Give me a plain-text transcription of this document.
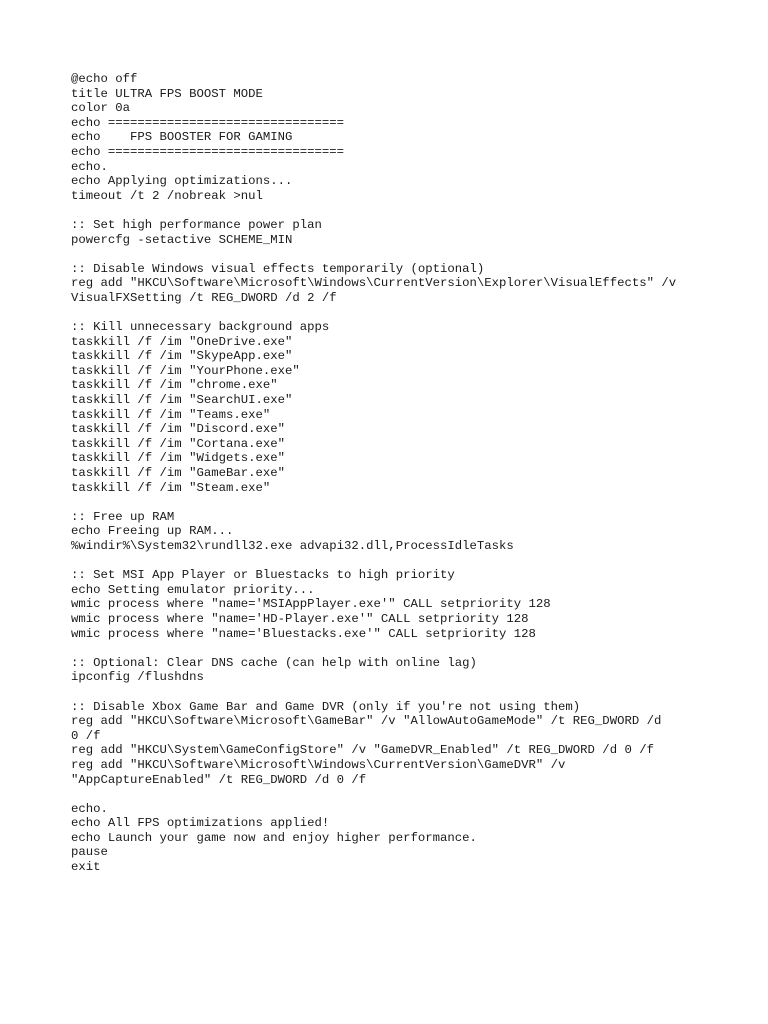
@echo off
title ULTRA FPS BOOST MODE
color 0a
echo ================================
echo    FPS BOOSTER FOR GAMING
echo ================================
echo.
echo Applying optimizations...
timeout /t 2 /nobreak >nul
:: Set high performance power plan
powercfg -setactive SCHEME_MIN
:: Disable Windows visual effects temporarily (optional)
reg add "HKCU\Software\Microsoft\Windows\CurrentVersion\Explorer\VisualEffects" /v
VisualFXSetting /t REG_DWORD /d 2 /f
:: Kill unnecessary background apps
taskkill /f /im "OneDrive.exe"
taskkill /f /im "SkypeApp.exe"
taskkill /f /im "YourPhone.exe"
taskkill /f /im "chrome.exe"
taskkill /f /im "SearchUI.exe"
taskkill /f /im "Teams.exe"
taskkill /f /im "Discord.exe"
taskkill /f /im "Cortana.exe"
taskkill /f /im "Widgets.exe"
taskkill /f /im "GameBar.exe"
taskkill /f /im "Steam.exe"
:: Free up RAM
echo Freeing up RAM...
%windir%\System32\rundll32.exe advapi32.dll,ProcessIdleTasks
:: Set MSI App Player or Bluestacks to high priority
echo Setting emulator priority...
wmic process where "name='MSIAppPlayer.exe'" CALL setpriority 128
wmic process where "name='HD-Player.exe'" CALL setpriority 128
wmic process where "name='Bluestacks.exe'" CALL setpriority 128
:: Optional: Clear DNS cache (can help with online lag)
ipconfig /flushdns
:: Disable Xbox Game Bar and Game DVR (only if you're not using them)
reg add "HKCU\Software\Microsoft\GameBar" /v "AllowAutoGameMode" /t REG_DWORD /d
0 /f
reg add "HKCU\System\GameConfigStore" /v "GameDVR_Enabled" /t REG_DWORD /d 0 /f
reg add "HKCU\Software\Microsoft\Windows\CurrentVersion\GameDVR" /v
"AppCaptureEnabled" /t REG_DWORD /d 0 /f
echo.
echo All FPS optimizations applied!
echo Launch your game now and enjoy higher performance.
pause
exit
